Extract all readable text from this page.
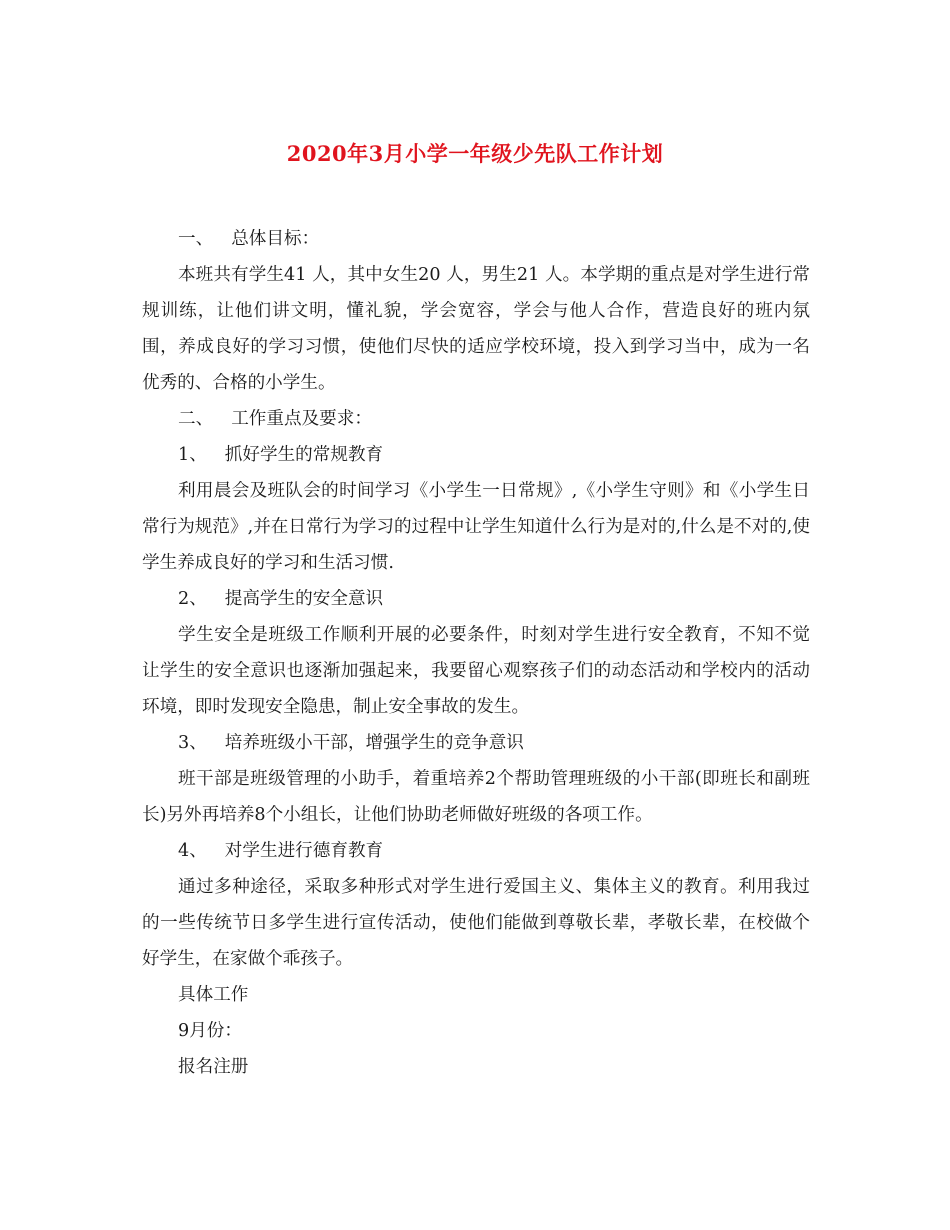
2020年3月小学一年级少先队工作计划

一、 总体目标：

本班共有学生41 人，其中女生20 人，男生21 人。本学期的重点是对学生进行常规训练，让他们讲文明，懂礼貌，学会宽容，学会与他人合作，营造良好的班内氛围，养成良好的学习习惯，使他们尽快的适应学校环境，投入到学习当中，成为一名优秀的、合格的小学生。

二、 工作重点及要求：

1、 抓好学生的常规教育

利用晨会及班队会的时间学习《小学生一日常规》,《小学生守则》和《小学生日常行为规范》,并在日常行为学习的过程中让学生知道什么行为是对的,什么是不对的,使学生养成良好的学习和生活习惯.

2、 提高学生的安全意识

学生安全是班级工作顺利开展的必要条件，时刻对学生进行安全教育，不知不觉让学生的安全意识也逐渐加强起来，我要留心观察孩子们的动态活动和学校内的活动环境，即时发现安全隐患，制止安全事故的发生。

3、 培养班级小干部，增强学生的竞争意识

班干部是班级管理的小助手，着重培养2个帮助管理班级的小干部(即班长和副班长)另外再培养8个小组长，让他们协助老师做好班级的各项工作。

4、 对学生进行德育教育

通过多种途径，采取多种形式对学生进行爱国主义、集体主义的教育。利用我过的一些传统节日多学生进行宣传活动，使他们能做到尊敬长辈，孝敬长辈，在校做个好学生，在家做个乖孩子。

具体工作

9月份：

报名注册
